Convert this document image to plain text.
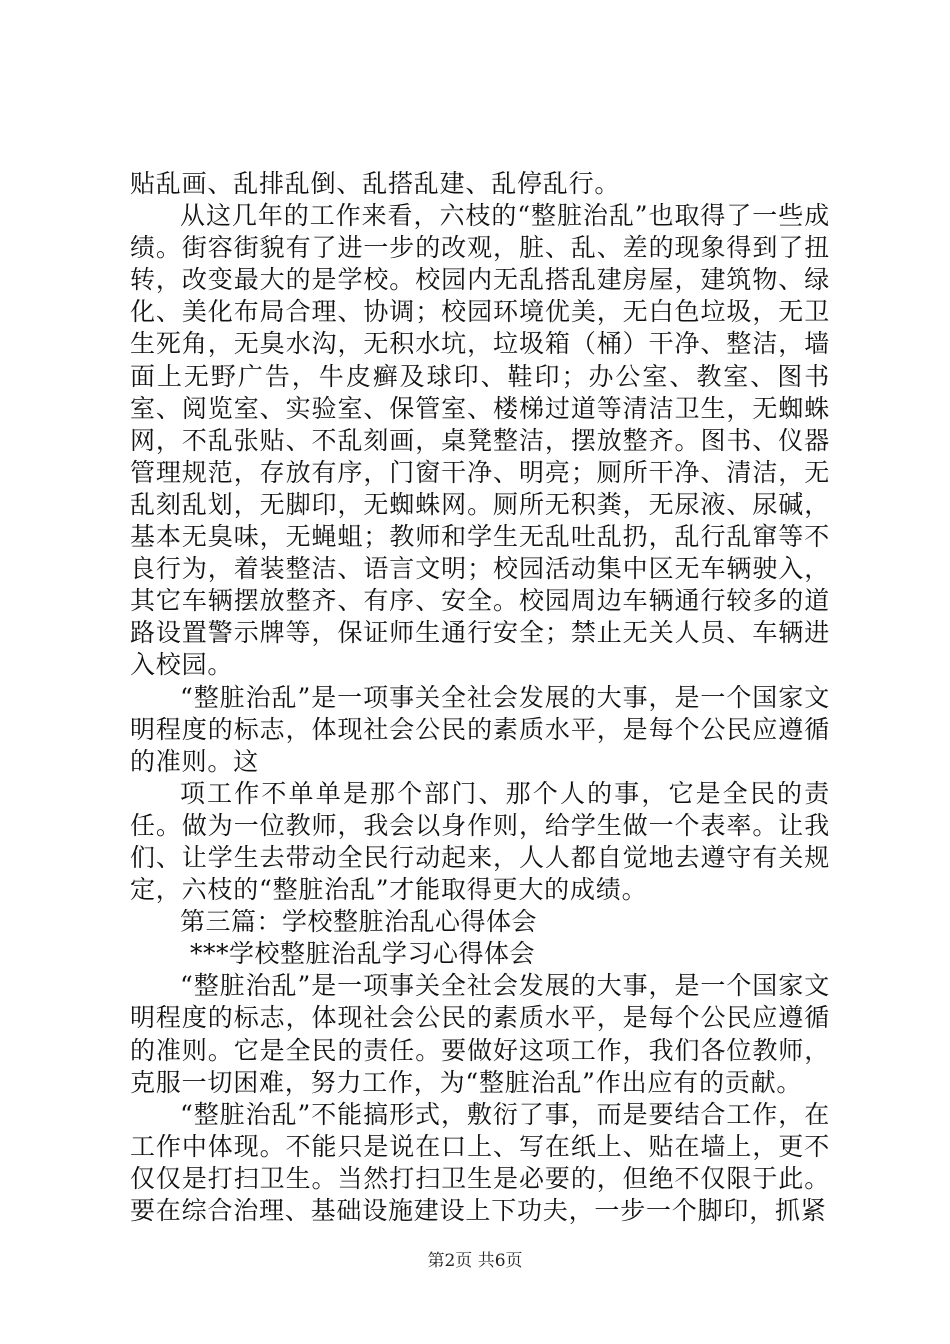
贴乱画、乱排乱倒、乱搭乱建、乱停乱行。

从这几年的工作来看，六枝的“整脏治乱”也取得了一些成绩。街容街貌有了进一步的改观，脏、乱、差的现象得到了扭转，改变最大的是学校。校园内无乱搭乱建房屋，建筑物、绿化、美化布局合理、协调；校园环境优美，无白色垃圾，无卫生死角，无臭水沟，无积水坑，垃圾箱（桶）干净、整洁，墙面上无野广告，牛皮癣及球印、鞋印；办公室、教室、图书室、阅览室、实验室、保管室、楼梯过道等清洁卫生，无蜘蛛网，不乱张贴、不乱刻画，桌凳整洁，摆放整齐。图书、仪器管理规范，存放有序，门窗干净、明亮；厕所干净、清洁，无乱刻乱划，无脚印，无蜘蛛网。厕所无积粪，无尿液、尿碱，基本无臭味，无蝇蛆；教师和学生无乱吐乱扔，乱行乱窜等不良行为，着装整洁、语言文明；校园活动集中区无车辆驶入，其它车辆摆放整齐、有序、安全。校园周边车辆通行较多的道路设置警示牌等，保证师生通行安全；禁止无关人员、车辆进入校园。

“整脏治乱”是一项事关全社会发展的大事，是一个国家文明程度的标志，体现社会公民的素质水平，是每个公民应遵循的准则。这

项工作不单单是那个部门、那个人的事，它是全民的责任。做为一位教师，我会以身作则，给学生做一个表率。让我们、让学生去带动全民行动起来，人人都自觉地去遵守有关规定，六枝的“整脏治乱”才能取得更大的成绩。

第三篇：学校整脏治乱心得体会

***学校整脏治乱学习心得体会

“整脏治乱”是一项事关全社会发展的大事，是一个国家文明程度的标志，体现社会公民的素质水平，是每个公民应遵循的准则。它是全民的责任。要做好这项工作，我们各位教师，克服一切困难，努力工作，为“整脏治乱”作出应有的贡献。

“整脏治乱”不能搞形式，敷衍了事，而是要结合工作，在工作中体现。不能只是说在口上、写在纸上、贴在墙上，更不仅仅是打扫卫生。当然打扫卫生是必要的，但绝不仅限于此。要在综合治理、基础设施建设上下功夫，一步一个脚印，抓紧

第2页 共6页
